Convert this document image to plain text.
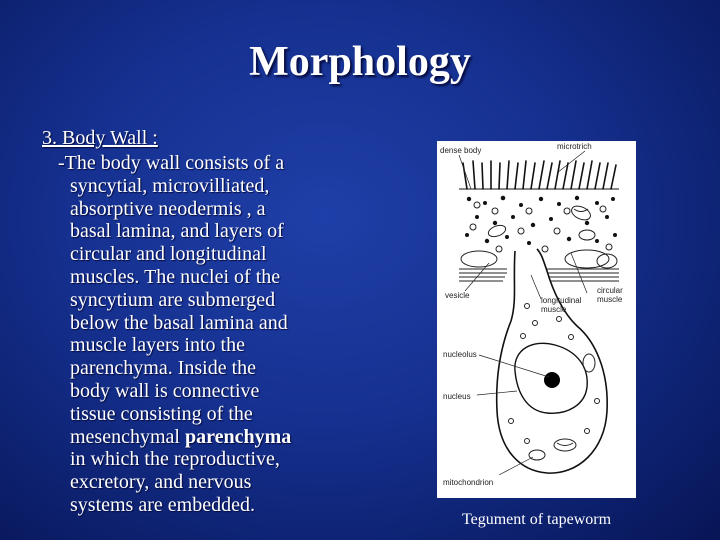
Morphology
3. Body Wall :
-The body wall consists of a
syncytial, microvilliated,
absorptive neodermis , a
basal lamina, and layers of
circular and longitudinal
muscles. The nuclei of the
syncytium are submerged
below the basal lamina and
muscle layers into the
parenchyma. Inside the
body wall is connective
tissue consisting of the
mesenchymal parenchyma
in which the reproductive,
excretory, and nervous
systems are embedded.
dense body	microtrich
vesicle
circular
muscle
longitudinal
muscle
nucleolus
nucleus
mitochondrion
Tegument of tapeworm
